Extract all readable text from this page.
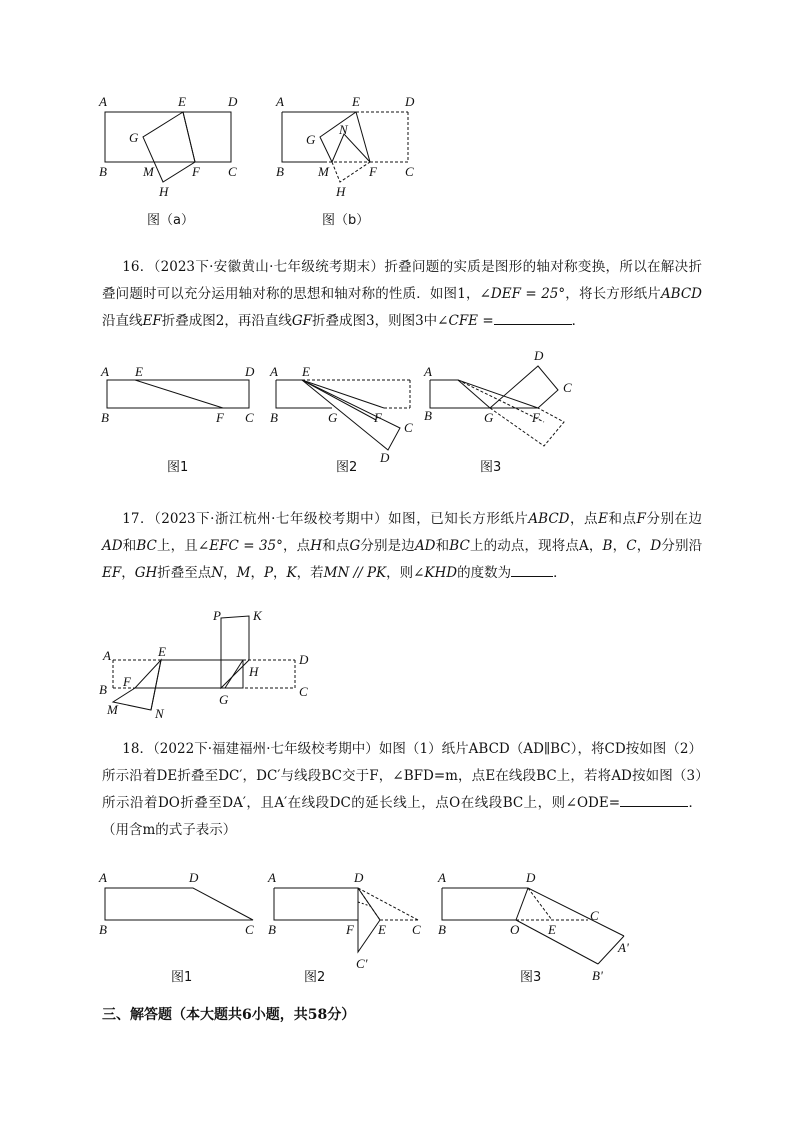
A	E	D
G
B	M	F C
H
图（a）
A	E	D
G
N
B	M	F C
H
图（b）
16．（2023下·安徽黄山·七年级统考期末）折叠问题的实质是图形的轴对称变换，所以在解决折叠问题时可以充分运用轴对称的思想和轴对称的性质．如图1，∠DEF = 25°，将长方形纸片ABCD沿直线EF折叠成图2，再沿直线GF折叠成图3，则图3中∠CFE =	．
A E	D
B	F C
图1
A E
B	G	F
C
D
图2
A
D
C
B	G	F
图3
17．（2023下·浙江杭州·七年级校考期中）如图，已知长方形纸片ABCD，点E和点F分别在边AD和BC上，且∠EFC = 35°，点H和点G分别是边AD和BC上的动点，现将点A，B，C，D分别沿EF，GH折叠至点N，M，P，K，若MN // PK，则∠KHD的度数为	．
P K
A	E
D
H
B
F
G
C
M	N
18．（2022下·福建福州·七年级校考期中）如图（1）纸片ABCD（AD∥BC），将CD按如图（2）所示沿着DE折叠至DC′，DC′与线段BC交于F，∠BFD=m，点E在线段BC上，若将AD按如图（3）所示沿着DO折叠至DA′，且A′在线段DC的延长线上，点O在线段BC上，则∠ODE=	．（用含m的式子表示）
A	D
B	C
图1
A	D
B	F E C
C'
图2
A	D
C
A'
B	O E
B'
图3
三、解答题（本大题共6小题，共58分）
